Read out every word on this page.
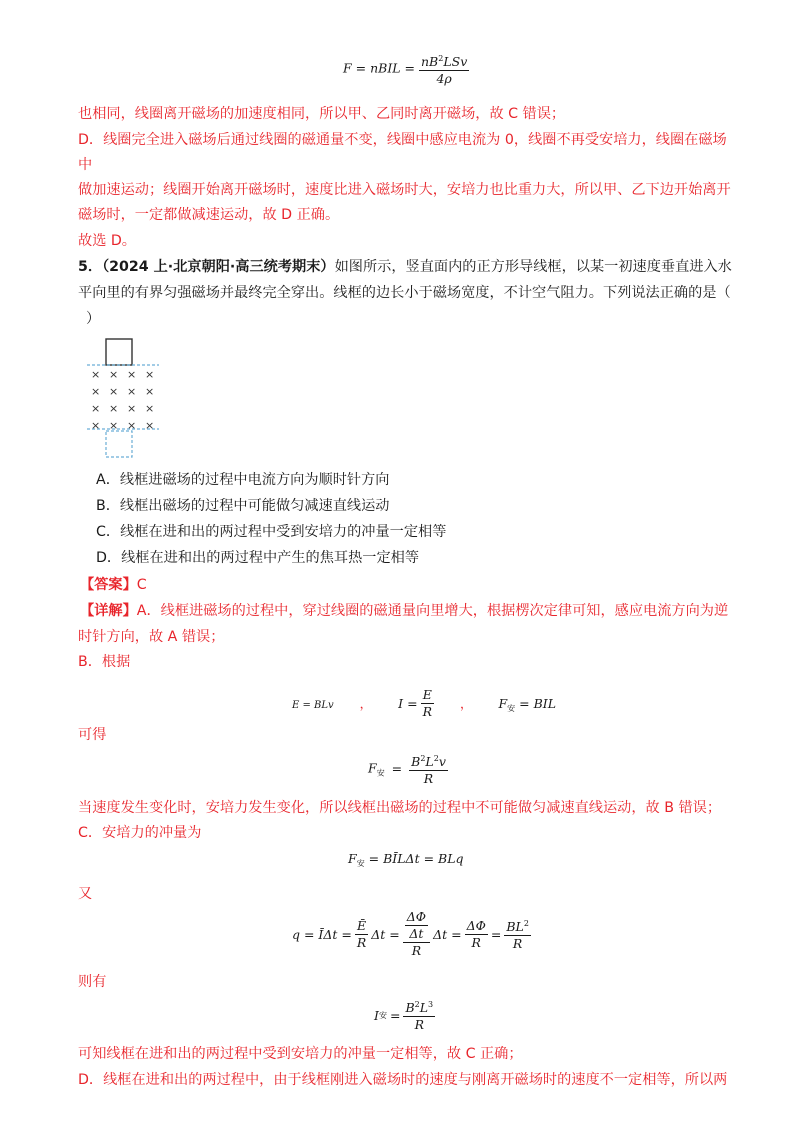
F = nBIL = $\frac{nB^2LSv}{4\rho}$
也相同，线圈离开磁场的加速度相同，所以甲、乙同时离开磁场，故 C 错误；
D．线圈完全进入磁场后通过线圈的磁通量不变，线圈中感应电流为 0，线圈不再受安培力，线圈在磁场
中
做加速运动；线圈开始离开磁场时，速度比进入磁场时大，安培力也比重力大，所以甲、乙下边开始离开
磁场时，一定都做减速运动，故 D 正确。
故选 D。
5．（2024 上·北京朝阳·高三统考期末）如图所示，竖直面内的正方形导线框，以某一初速度垂直进入水
平向里的有界匀强磁场并最终完全穿出。线框的边长小于磁场宽度，不计空气阻力。下列说法正确的是（
）
× × × ×
× × × ×
× × × ×
× × × ×
A．线框进磁场的过程中电流方向为顺时针方向
B．线框出磁场的过程中可能做匀减速直线运动
C．线框在进和出的两过程中受到安培力的冲量一定相等
D．线框在进和出的两过程中产生的焦耳热一定相等
【答案】C
【详解】A．线框进磁场的过程中，穿过线圈的磁通量向里增大，根据楞次定律可知，感应电流方向为逆
时针方向，故 A 错误；
B．根据
E = BLv ， $I = \frac{E}{R}$ ， $F_安$ = BIL
可得
$F_安 = \frac{B^2L^2v}{R}$
当速度发生变化时，安培力发生变化，所以线框出磁场的过程中不可能做匀减速直线运动，故 B 错误；
C．安培力的冲量为
$F_安$ = BĪLΔt = BLq
又
q = ĪΔt = $\frac{Ē}{R}$ $\Delta t = \frac{\frac{\Delta\Phi}{\Delta t}}{R}$ $\Delta t = \frac{\Delta\Phi}{R} = \frac{BL^2}{R}$
则有
I 安 = $\frac{B^2L^3}{R}$
可知线框在进和出的两过程中受到安培力的冲量一定相等，故 C 正确；
D．线框在进和出的两过程中，由于线框刚进入磁场时的速度与刚离开磁场时的速度不一定相等，所以两
